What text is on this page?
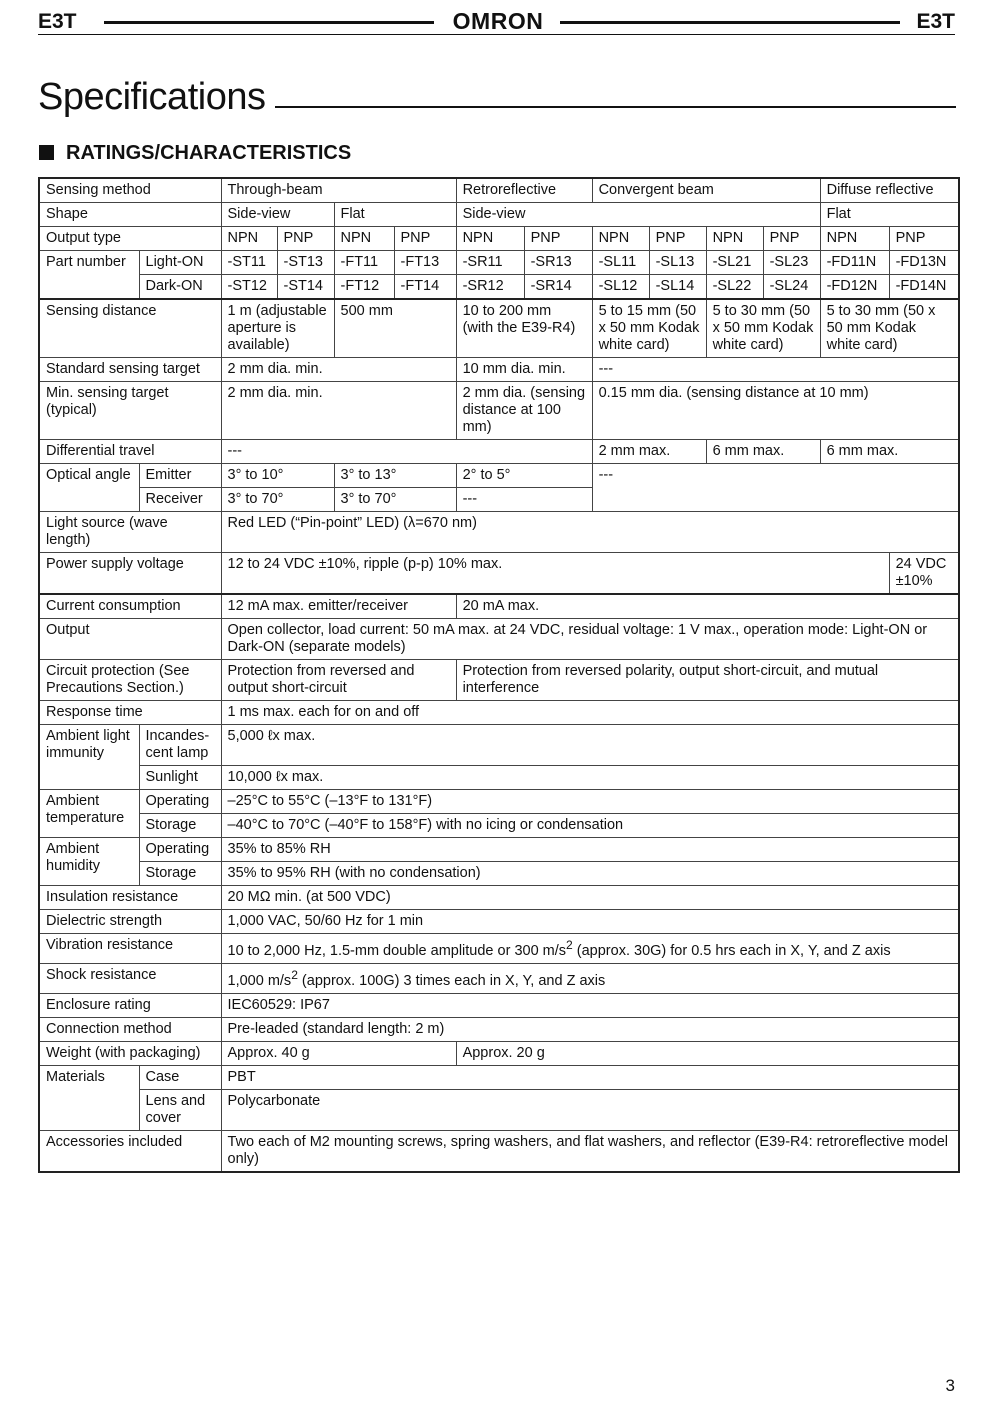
E3T	OMRON	E3T
Specifications
RATINGS/CHARACTERISTICS
Sensing method		Through-beam				Retroreflective		Convergent beam				Diffuse reflective	
Shape		Side-view		Flat		Side-view						Flat	
Output type		NPN	PNP	NPN	PNP	NPN	PNP	NPN	PNP	NPN	PNP	NPN	PNP
Part number	Light-ON	-ST11	-ST13	-FT11	-FT13	-SR11	-SR13	-SL11	-SL13	-SL21	-SL23	-FD11N	-FD13N
	Dark-ON	-ST12	-ST14	-FT12	-FT14	-SR12	-SR14	-SL12	-SL14	-SL22	-SL24	-FD12N	-FD14N
Sensing distance		1 m (adjustable aperture is available)		500 mm		10 to 200 mm (with the E39-R4)		5 to 15 mm (50 x 50 mm Kodak white card)		5 to 30 mm (50 x 50 mm Kodak white card)		5 to 30 mm (50 x 50 mm Kodak white card)	
Standard sensing target		2 mm dia. min.				10 mm dia. min.		---					
Min. sensing target (typical)		2 mm dia. min.				2 mm dia. (sensing distance at 100 mm)		0.15 mm dia. (sensing distance at 10 mm)					
Differential travel		---						2 mm max.		6 mm max.		6 mm max.	
Optical angle	Emitter	3° to 10°		3° to 13°		2° to 5°		---					
	Receiver	3° to 70°		3° to 70°		---							
Light source (wave length)		Red LED (“Pin-point” LED) (λ=670 nm)											
Power supply voltage		12 to 24 VDC ±10%, ripple (p-p) 10% max.											24 VDC ±10%
Current consumption		12 mA max. emitter/receiver				20 mA max.							
Output		Open collector, load current: 50 mA max. at 24 VDC, residual voltage: 1 V max., operation mode: Light-ON or Dark-ON (separate models)											
Circuit protection (See Precautions Section.)		Protection from reversed and output short-circuit				Protection from reversed polarity, output short-circuit, and mutual interference							
Response time		1 ms max. each for on and off											
Ambient light immunity	Incandes-cent lamp	5,000 ℓx max.											
	Sunlight	10,000 ℓx max.											
Ambient temperature	Operating	–25°C to 55°C (–13°F to 131°F)											
	Storage	–40°C to 70°C (–40°F to 158°F) with no icing or condensation											
Ambient humidity	Operating	35% to 85% RH											
	Storage	35% to 95% RH (with no condensation)											
Insulation resistance		20 MΩ min. (at 500 VDC)											
Dielectric strength		1,000 VAC, 50/60 Hz for 1 min											
Vibration resistance		10 to 2,000 Hz, 1.5-mm double amplitude or 300 $m/s^2$ (approx. 30G) for 0.5 hrs each in X, Y, and Z axis											
Shock resistance		1,000 $m/s^2$ (approx. 100G) 3 times each in X, Y, and Z axis											
Enclosure rating		IEC60529: IP67											
Connection method		Pre-leaded (standard length: 2 m)											
Weight (with packaging)		Approx. 40 g				Approx. 20 g							
Materials	Case	PBT											
	Lens and cover	Polycarbonate											
Accessories included		Two each of M2 mounting screws, spring washers, and flat washers, and reflector (E39-R4: retroreflective model only)											
3
